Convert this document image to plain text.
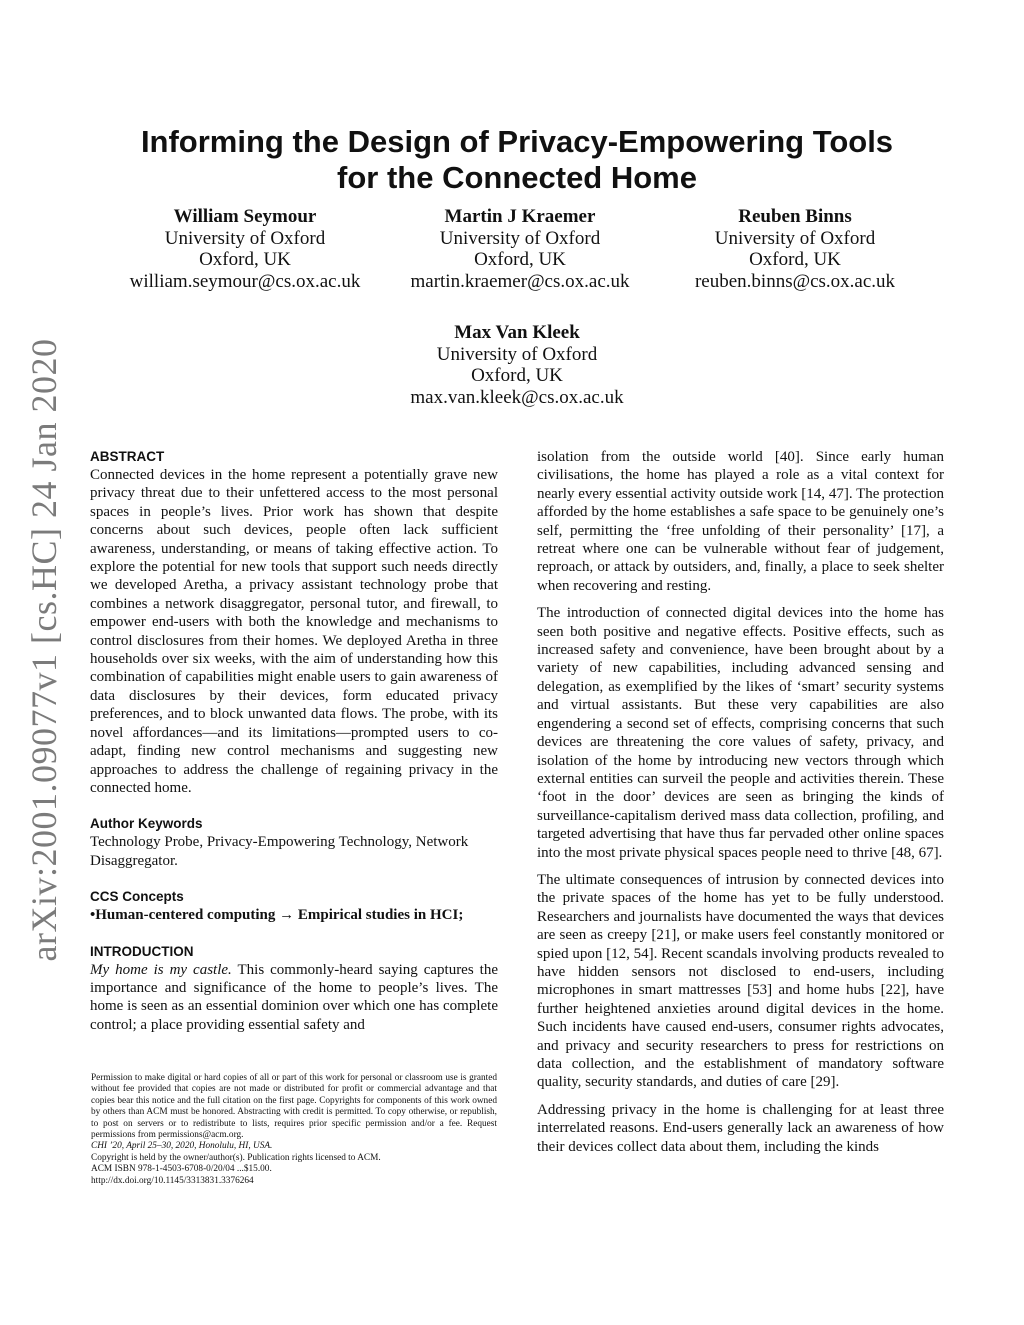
arXiv:2001.09077v1 [cs.HC] 24 Jan 2020
Informing the Design of Privacy-Empowering Tools
for the Connected Home
William Seymour
University of Oxford
Oxford, UK
william.seymour@cs.ox.ac.uk
Martin J Kraemer
University of Oxford
Oxford, UK
martin.kraemer@cs.ox.ac.uk
Reuben Binns
University of Oxford
Oxford, UK
reuben.binns@cs.ox.ac.uk
Max Van Kleek
University of Oxford
Oxford, UK
max.van.kleek@cs.ox.ac.uk
ABSTRACT

Connected devices in the home represent a potentially grave new privacy threat due to their unfettered access to the most personal spaces in people’s lives. Prior work has shown that despite concerns about such devices, people often lack sufficient awareness, understanding, or means of taking effective action. To explore the potential for new tools that support such needs directly we developed Aretha, a privacy assistant technology probe that combines a network disaggregator, personal tutor, and firewall, to empower end-users with both the knowledge and mechanisms to control disclosures from their homes. We deployed Aretha in three households over six weeks, with the aim of understanding how this combination of capabilities might enable users to gain awareness of data disclosures by their devices, form educated privacy preferences, and to block unwanted data flows. The probe, with its novel affordances—and its limitations—prompted users to co-adapt, finding new control mechanisms and suggesting new approaches to address the challenge of regaining privacy in the connected home.

Author Keywords

Technology Probe, Privacy-Empowering Technology, Network Disaggregator.

CCS Concepts

•Human-centered computing → Empirical studies in HCI;

INTRODUCTION

My home is my castle. This commonly-heard saying captures the importance and significance of the home to people’s lives. The home is seen as an essential dominion over which one has complete control; a place providing essential safety and

Permission to make digital or hard copies of all or part of this work for personal or classroom use is granted without fee provided that copies are not made or distributed for profit or commercial advantage and that copies bear this notice and the full citation on the first page. Copyrights for components of this work owned by others than ACM must be honored. Abstracting with credit is permitted. To copy otherwise, or republish, to post on servers or to redistribute to lists, requires prior specific permission and/or a fee. Request permissions from permissions@acm.org.
CHI ’20, April 25–30, 2020, Honolulu, HI, USA.
Copyright is held by the owner/author(s). Publication rights licensed to ACM.
ACM ISBN 978-1-4503-6708-0/20/04 ...$15.00.
http://dx.doi.org/10.1145/3313831.3376264

isolation from the outside world [40]. Since early human civilisations, the home has played a role as a vital context for nearly every essential activity outside work [14, 47]. The protection afforded by the home establishes a safe space to be genuinely one’s self, permitting the ‘free unfolding of their personality’ [17], a retreat where one can be vulnerable without fear of judgement, reproach, or attack by outsiders, and, finally, a place to seek shelter when recovering and resting.

The introduction of connected digital devices into the home has seen both positive and negative effects. Positive effects, such as increased safety and convenience, have been brought about by a variety of new capabilities, including advanced sensing and delegation, as exemplified by the likes of ‘smart’ security systems and virtual assistants. But these very capabilities are also engendering a second set of effects, comprising concerns that such devices are threatening the core values of safety, privacy, and isolation of the home by introducing new vectors through which external entities can surveil the people and activities therein. These ‘foot in the door’ devices are seen as bringing the kinds of surveillance-capitalism derived mass data collection, profiling, and targeted advertising that have thus far pervaded other online spaces into the most private physical spaces people need to thrive [48, 67].

The ultimate consequences of intrusion by connected devices into the private spaces of the home has yet to be fully understood. Researchers and journalists have documented the ways that devices are seen as creepy [21], or make users feel constantly monitored or spied upon [12, 54]. Recent scandals involving products revealed to have hidden sensors not disclosed to end-users, including microphones in smart mattresses [53] and home hubs [22], have further heightened anxieties around digital devices in the home. Such incidents have caused end-users, consumer rights advocates, and privacy and security researchers to press for restrictions on data collection, and the establishment of mandatory software quality, security standards, and duties of care [29].

Addressing privacy in the home is challenging for at least three interrelated reasons. End-users generally lack an awareness of how their devices collect data about them, including the kinds
